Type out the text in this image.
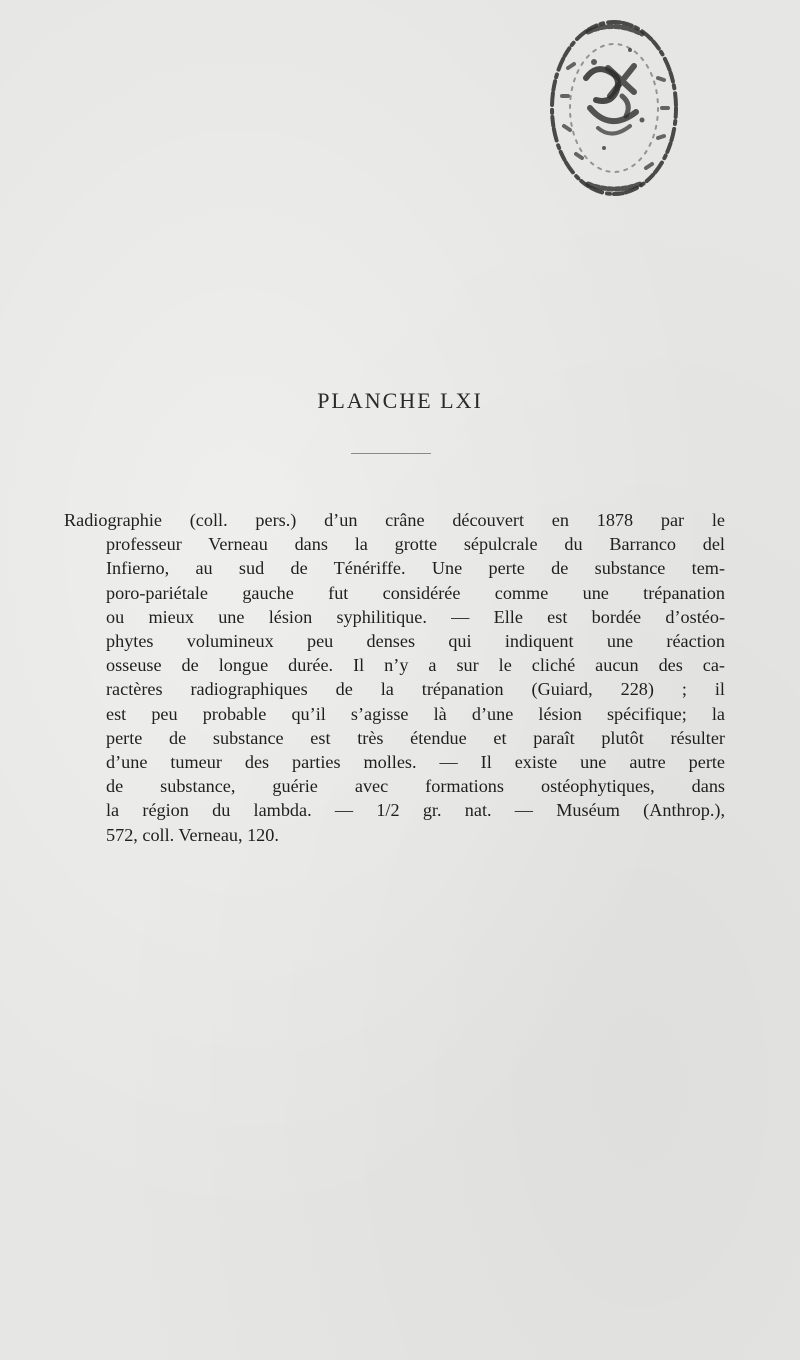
PLANCHE LXI
Radiographie (coll. pers.) d’un crâne découvert en 1878 par le
professeur Verneau dans la grotte sépulcrale du Barranco del
Infierno, au sud de Ténériffe. Une perte de substance tem-
poro-pariétale gauche fut considérée comme une trépanation
ou mieux une lésion syphilitique. — Elle est bordée d’ostéo-
phytes volumineux peu denses qui indiquent une réaction
osseuse de longue durée. Il n’y a sur le cliché aucun des ca-
ractères radiographiques de la trépanation (Guiard, 228) ; il
est peu probable qu’il s’agisse là d’une lésion spécifique; la
perte de substance est très étendue et paraît plutôt résulter
d’une tumeur des parties molles. — Il existe une autre perte
de substance, guérie avec formations ostéophytiques, dans
la région du lambda. — 1/2 gr. nat. — Muséum (Anthrop.),
572, coll. Verneau, 120.
